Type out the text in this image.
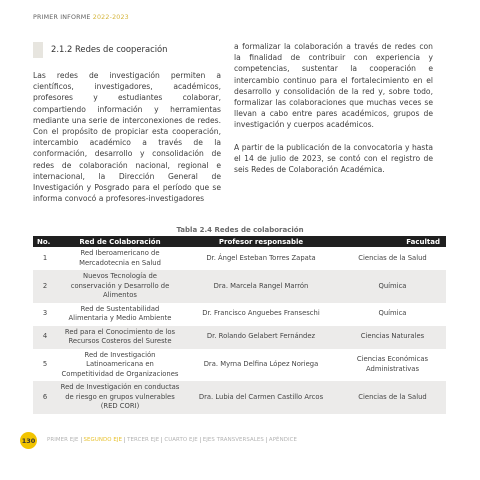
PRIMER INFORME 2022-2023
2.1.2 Redes de cooperación

Las redes de investigación permiten a científicos, investigadores, académicos, profesores y estudiantes colaborar, compartiendo información y herramientas mediante una serie de interconexiones de redes. Con el propósito de propiciar esta cooperación, intercambio académico a través de la conformación, desarrollo y consolidación de redes de colaboración nacional, regional e internacional, la Dirección General de Investigación y Posgrado para el período que se informa convocó a profesores-investigadores

a formalizar la colaboración a través de redes con la finalidad de contribuir con experiencia y competencias, sustentar la cooperación e intercambio continuo para el fortalecimiento en el desarrollo y consolidación de la red y, sobre todo, formalizar las colaboraciones que muchas veces se llevan a cabo entre pares académicos, grupos de investigación y cuerpos académicos.

A partir de la publicación de la convocatoria y hasta el 14 de julio de 2023, se contó con el registro de seis Redes de Colaboración Académica.

Tabla 2.4 Redes de colaboración
No.	Red de Colaboración	Profesor responsable	Facultad
1	Red Iberoamericano de Mercadotecnia en Salud	Dr. Ángel Esteban Torres Zapata	Ciencias de la Salud
2	Nuevos Tecnología de conservación y Desarrollo de Alimentos	Dra. Marcela Rangel Marrón	Química
3	Red de Sustentabilidad Alimentaria y Medio Ambiente	Dr. Francisco Anguebes Franseschi	Química
4	Red para el Conocimiento de los Recursos Costeros del Sureste	Dr. Rolando Gelabert Fernández	Ciencias Naturales
5	Red de Investigación Latinoamericana en Competitividad de Organizaciones	Dra. Myrna Delfina López Noriega	Ciencias Económicas Administrativas
6	Red de Investigación en conductas de riesgo en grupos vulnerables (RED CORI)	Dra. Lubia del Carmen Castillo Arcos	Ciencias de la Salud
130	PRIMER EJE SEGUNDO EJE TERCER EJE CUARTO EJE EJES TRANSVERSALES APÉNDICE
